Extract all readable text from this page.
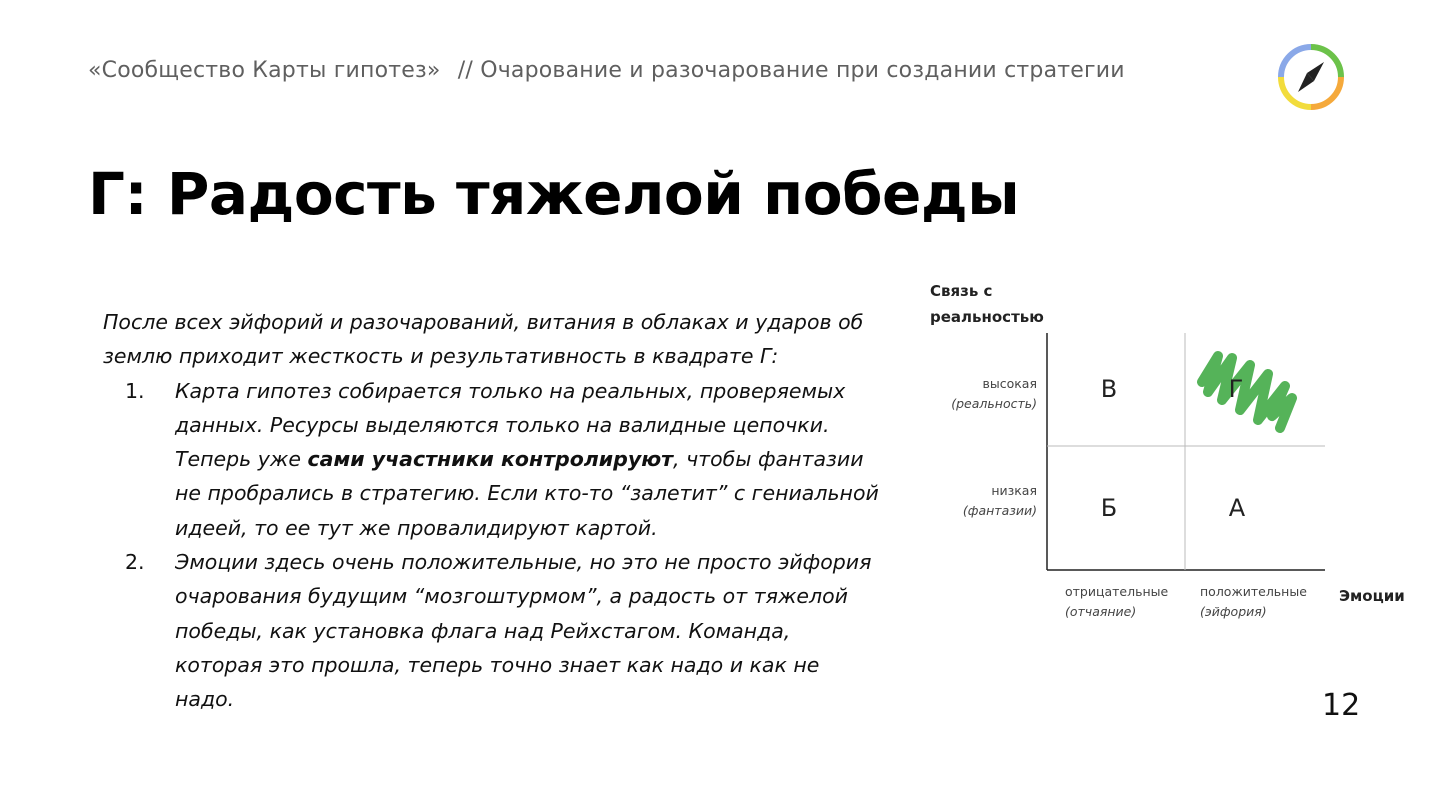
«Сообщество Карты гипотез» // Очарование и разочарование при создании стратегии
Г: Радость тяжелой победы

После всех эйфорий и разочарований, витания в облаках и ударов об землю приходит жесткость и результативность в квадрате Г:

1. Карта гипотез собирается только на реальных, проверяемых данных. Ресурсы выделяются только на валидные цепочки. Теперь уже сами участники контролируют, чтобы фантазии не пробрались в стратегию. Если кто-то “залетит” с гениальной идеей, то ее тут же провалидируют картой.
2. Эмоции здесь очень положительные, но это не просто эйфория очарования будущим “мозгоштурмом”, а радость от тяжелой победы, как установка флага над Рейхстагом. Команда, которая это прошла, теперь точно знает как надо и как не надо.
Связь с
реальностью
высокая
(реальность)
низкая
(фантазии)
отрицательные
(отчаяние)
положительные
(эйфория)
Эмоции
В
Б	А
Г
12
